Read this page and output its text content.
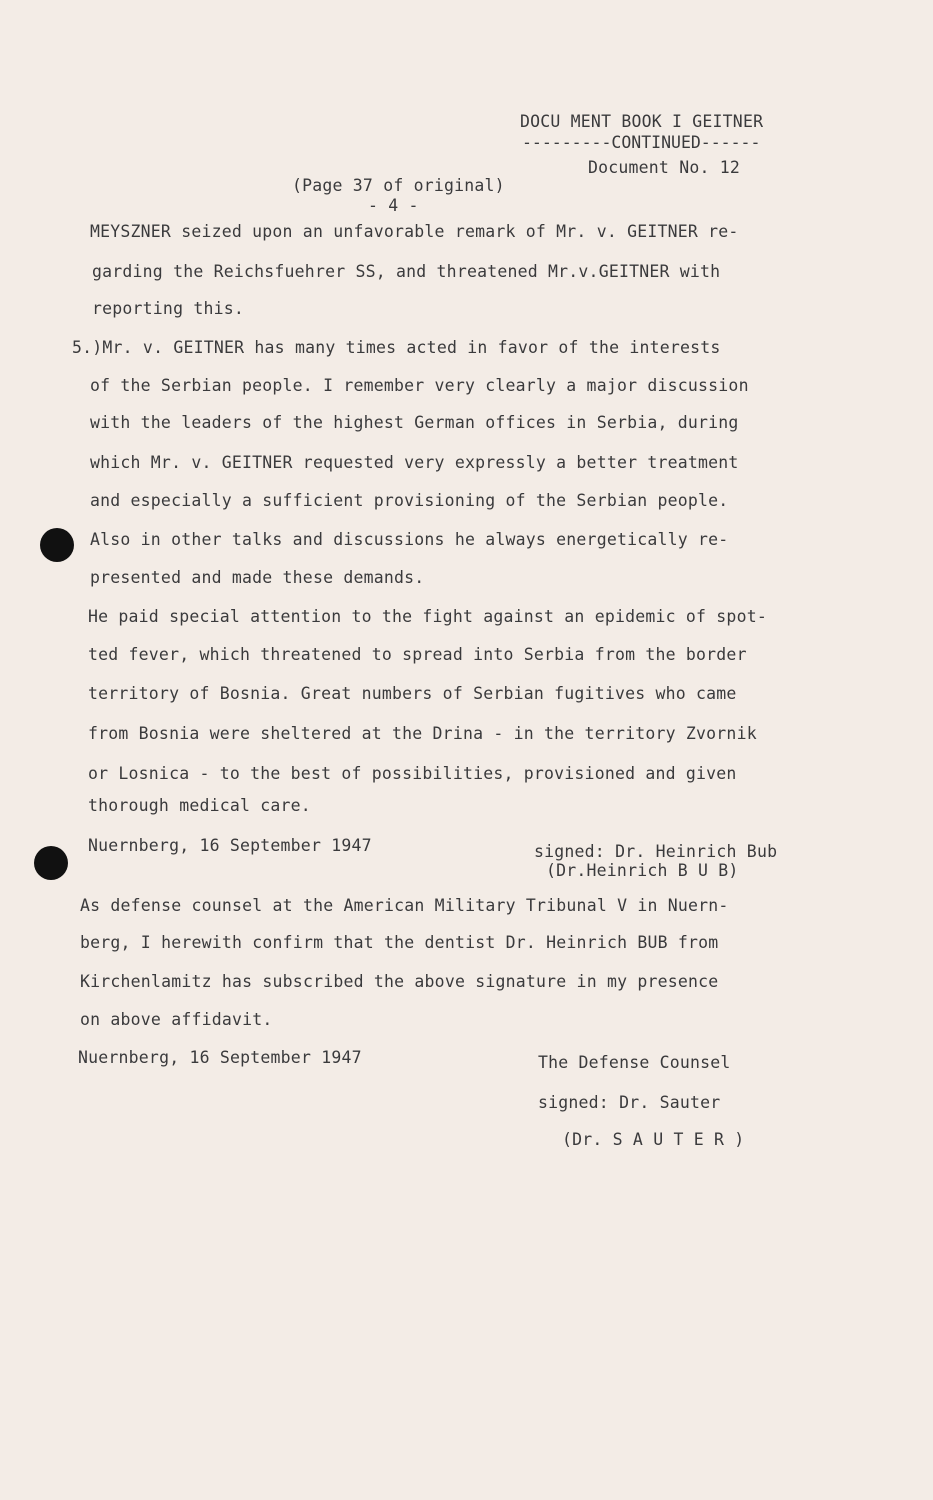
DOCU MENT BOOK I GEITNER
---------CONTINUED------
Document No. 12
(Page 37 of original)
- 4 -
MEYSZNER seized upon an unfavorable remark of Mr. v. GEITNER re-
garding the Reichsfuehrer SS, and threatened Mr.v.GEITNER with
reporting this.
5.)Mr. v. GEITNER has many times acted in favor of the interests
of the Serbian people. I remember very clearly a major discussion
with the leaders of the highest German offices in Serbia, during
which Mr. v. GEITNER requested very expressly a better treatment
and especially a sufficient provisioning of the Serbian people.
Also in other talks and discussions he always energetically re-
presented and made these demands.
He paid special attention to the fight against an epidemic of spot-
ted fever, which threatened to spread into Serbia from the border
territory of Bosnia. Great numbers of Serbian fugitives who came
from Bosnia were sheltered at the Drina - in the territory Zvornik
or Losnica - to the best of possibilities, provisioned and given
thorough medical care.
Nuernberg, 16 September 1947	signed: Dr. Heinrich Bub
(Dr.Heinrich B U B)
As defense counsel at the American Military Tribunal V in Nuern-
berg, I herewith confirm that the dentist Dr. Heinrich BUB from
Kirchenlamitz has subscribed the above signature in my presence
on above affidavit.
Nuernberg, 16 September 1947	The Defense Counsel
signed: Dr. Sauter
(Dr. S A U T E R )
